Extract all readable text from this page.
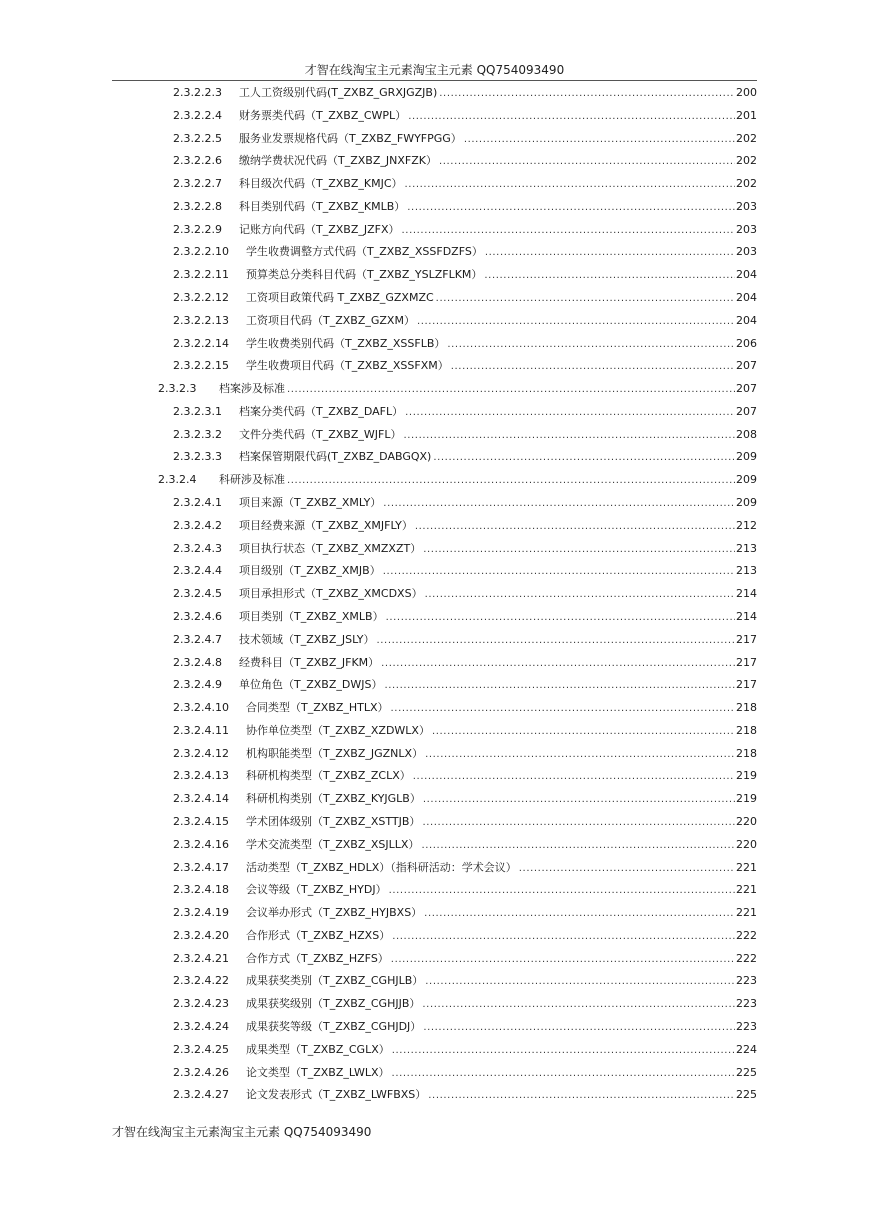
才智在线淘宝主元素淘宝主元素 QQ754093490
2.3.2.2.3 工人工资级别代码(T_ZXBZ_GRXJGZJB) .....	200
2.3.2.2.4 财务票类代码（T_ZXBZ_CWPL） .....	201
2.3.2.2.5 服务业发票规格代码（T_ZXBZ_FWYFPGG） .....	202
2.3.2.2.6 缴纳学费状况代码（T_ZXBZ_JNXFZK） .....	202
2.3.2.2.7 科目级次代码（T_ZXBZ_KMJC） .....	202
2.3.2.2.8 科目类别代码（T_ZXBZ_KMLB） .....	203
2.3.2.2.9 记账方向代码（T_ZXBZ_JZFX） .....	203
2.3.2.2.10 学生收费调整方式代码（T_ZXBZ_XSSFDZFS） .....	203
2.3.2.2.11 预算类总分类科目代码（T_ZXBZ_YSLZFLKM） .....	204
2.3.2.2.12 工资项目政策代码 T_ZXBZ_GZXMZC .....	204
2.3.2.2.13 工资项目代码（T_ZXBZ_GZXM） .....	204
2.3.2.2.14 学生收费类别代码（T_ZXBZ_XSSFLB） .....	206
2.3.2.2.15 学生收费项目代码（T_ZXBZ_XSSFXM） .....	207
2.3.2.3 档案涉及标准 .....	207
2.3.2.3.1 档案分类代码（T_ZXBZ_DAFL） .....	207
2.3.2.3.2 文件分类代码（T_ZXBZ_WJFL） .....	208
2.3.2.3.3 档案保管期限代码(T_ZXBZ_DABGQX) .....	209
2.3.2.4 科研涉及标准 .....	209
2.3.2.4.1 项目来源（T_ZXBZ_XMLY） .....	209
2.3.2.4.2 项目经费来源（T_ZXBZ_XMJFLY） .....	212
2.3.2.4.3 项目执行状态（T_ZXBZ_XMZXZT） .....	213
2.3.2.4.4 项目级别（T_ZXBZ_XMJB） .....	213
2.3.2.4.5 项目承担形式（T_ZXBZ_XMCDXS） .....	214
2.3.2.4.6 项目类别（T_ZXBZ_XMLB） .....	214
2.3.2.4.7 技术领域（T_ZXBZ_JSLY） .....	217
2.3.2.4.8 经费科目（T_ZXBZ_JFKM） .....	217
2.3.2.4.9 单位角色（T_ZXBZ_DWJS） .....	217
2.3.2.4.10 合同类型（T_ZXBZ_HTLX） .....	218
2.3.2.4.11 协作单位类型（T_ZXBZ_XZDWLX） .....	218
2.3.2.4.12 机构职能类型（T_ZXBZ_JGZNLX） .....	218
2.3.2.4.13 科研机构类型（T_ZXBZ_ZCLX） .....	219
2.3.2.4.14 科研机构类别（T_ZXBZ_KYJGLB） .....	219
2.3.2.4.15 学术团体级别（T_ZXBZ_XSTTJB） .....	220
2.3.2.4.16 学术交流类型（T_ZXBZ_XSJLLX） .....	220
2.3.2.4.17 活动类型（T_ZXBZ_HDLX）（指科研活动：学术会议） .....	221
2.3.2.4.18 会议等级（T_ZXBZ_HYDJ） .....	221
2.3.2.4.19 会议举办形式（T_ZXBZ_HYJBXS） .....	221
2.3.2.4.20 合作形式（T_ZXBZ_HZXS） .....	222
2.3.2.4.21 合作方式（T_ZXBZ_HZFS） .....	222
2.3.2.4.22 成果获奖类别（T_ZXBZ_CGHJLB） .....	223
2.3.2.4.23 成果获奖级别（T_ZXBZ_CGHJJB） .....	223
2.3.2.4.24 成果获奖等级（T_ZXBZ_CGHJDJ） .....	223
2.3.2.4.25 成果类型（T_ZXBZ_CGLX） .....	224
2.3.2.4.26 论文类型（T_ZXBZ_LWLX） .....	225
2.3.2.4.27 论文发表形式（T_ZXBZ_LWFBXS） .....	225
才智在线淘宝主元素淘宝主元素 QQ754093490
